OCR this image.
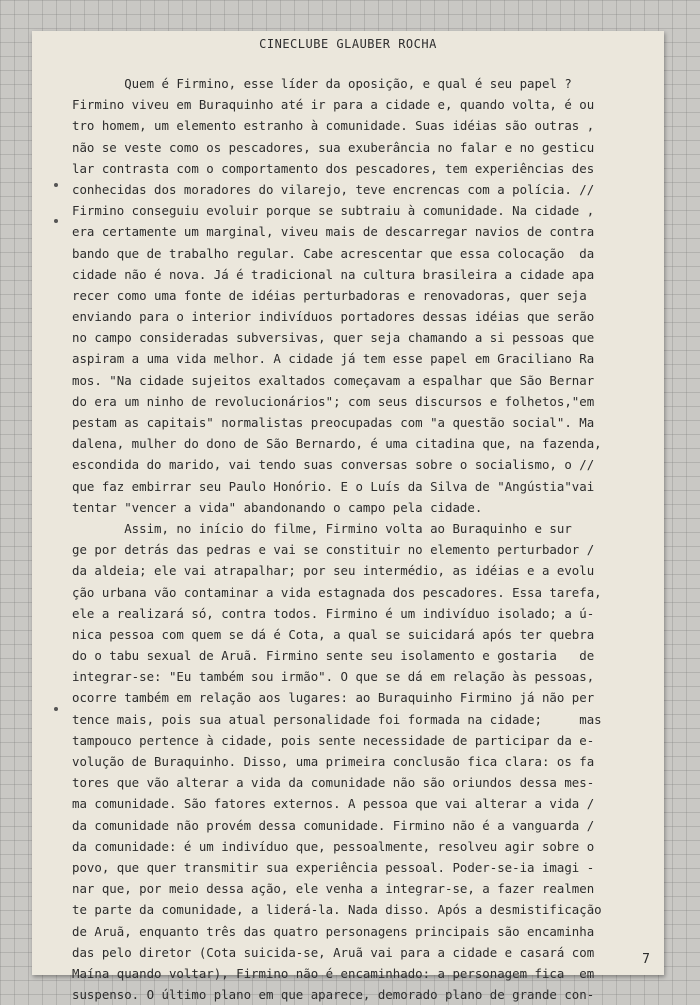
CINECLUBE GLAUBER ROCHA
Quem é Firmino, esse líder da oposição, e qual é seu papel ?
Firmino viveu em Buraquinho até ir para a cidade e, quando volta, é ou
tro homem, um elemento estranho à comunidade. Suas idéias são outras ,
não se veste como os pescadores, sua exuberância no falar e no gesticu
lar contrasta com o comportamento dos pescadores, tem experiências des
conhecidas dos moradores do vilarejo, teve encrencas com a polícia. //
Firmino conseguiu evoluir porque se subtraiu à comunidade. Na cidade ,
era certamente um marginal, viveu mais de descarregar navios de contra
bando que de trabalho regular. Cabe acrescentar que essa colocação  da
cidade não é nova. Já é tradicional na cultura brasileira a cidade apa
recer como uma fonte de idéias perturbadoras e renovadoras, quer seja
enviando para o interior indivíduos portadores dessas idéias que serão
no campo consideradas subversivas, quer seja chamando a si pessoas que
aspiram a uma vida melhor. A cidade já tem esse papel em Graciliano Ra
mos. "Na cidade sujeitos exaltados começavam a espalhar que São Bernar
do era um ninho de revolucionários"; com seus discursos e folhetos,"em
pestam as capitais" normalistas preocupadas com "a questão social". Ma
dalena, mulher do dono de São Bernardo, é uma citadina que, na fazenda,
escondida do marido, vai tendo suas conversas sobre o socialismo, o //
que faz embirrar seu Paulo Honório. E o Luís da Silva de "Angústia"vai
tentar "vencer a vida" abandonando o campo pela cidade.
Assim, no início do filme, Firmino volta ao Buraquinho e sur
ge por detrás das pedras e vai se constituir no elemento perturbador /
da aldeia; ele vai atrapalhar; por seu intermédio, as idéias e a evolu
ção urbana vão contaminar a vida estagnada dos pescadores. Essa tarefa,
ele a realizará só, contra todos. Firmino é um indivíduo isolado; a ú-
nica pessoa com quem se dá é Cota, a qual se suicidará após ter quebra
do o tabu sexual de Aruã. Firmino sente seu isolamento e gostaria   de
integrar-se: "Eu também sou irmão". O que se dá em relação às pessoas,
ocorre também em relação aos lugares: ao Buraquinho Firmino já não per
tence mais, pois sua atual personalidade foi formada na cidade;     mas
tampouco pertence à cidade, pois sente necessidade de participar da e-
volução de Buraquinho. Disso, uma primeira conclusão fica clara: os fa
tores que vão alterar a vida da comunidade não são oriundos dessa mes-
ma comunidade. São fatores externos. A pessoa que vai alterar a vida /
da comunidade não provém dessa comunidade. Firmino não é a vanguarda /
da comunidade: é um indivíduo que, pessoalmente, resolveu agir sobre o
povo, que quer transmitir sua experiência pessoal. Poder-se-ia imagi -
nar que, por meio dessa ação, ele venha a integrar-se, a fazer realmen
te parte da comunidade, a liderá-la. Nada disso. Após a desmistificação
de Aruã, enquanto três das quatro personagens principais são encaminha
das pelo diretor (Cota suicida-se, Aruã vai para a cidade e casará com
Maína quando voltar), Firmino não é encaminhado: a personagem fica  em
suspenso. O último plano em que aparece, demorado plano de grande con-
7
